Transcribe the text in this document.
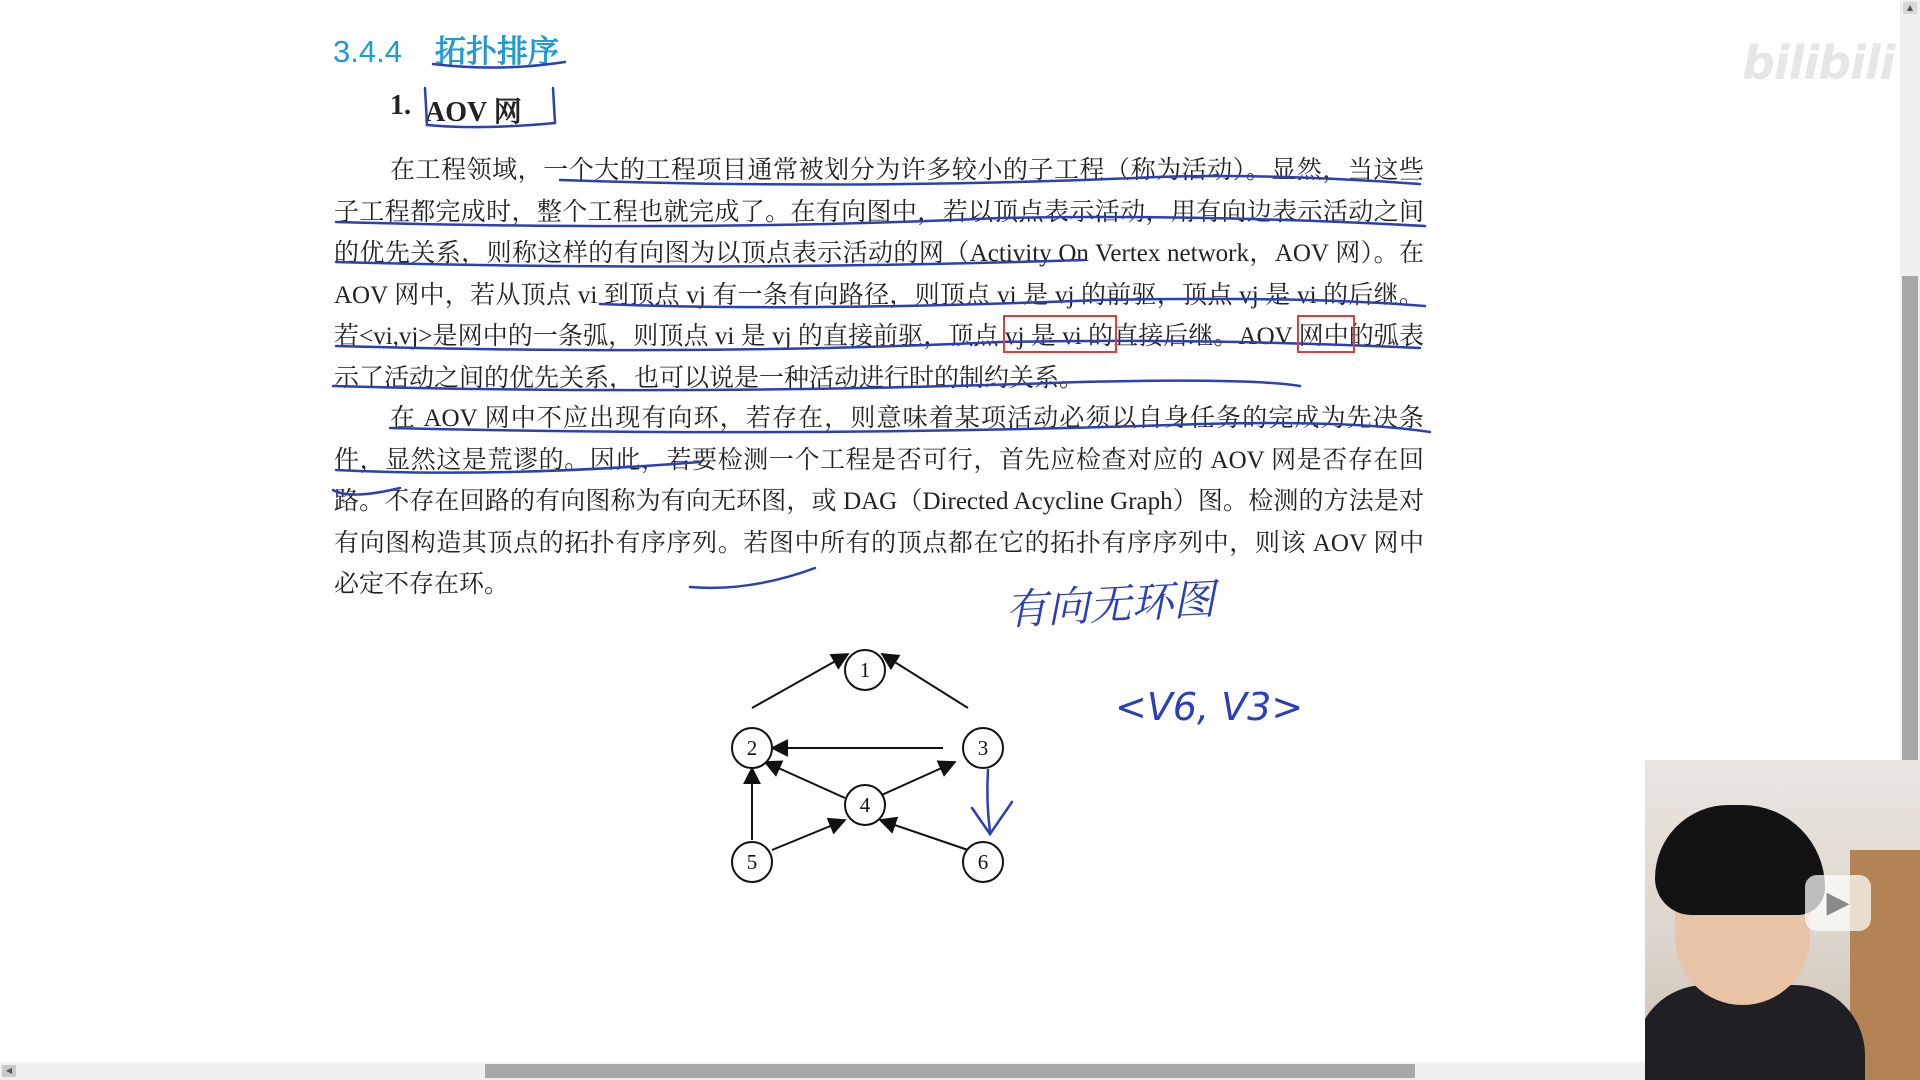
3.4.4 拓扑排序
1. AOV 网

在工程领域，一个大的工程项目通常被划分为许多较小的子工程（称为活动）。显然，当这些子工程都完成时，整个工程也就完成了。在有向图中，若以顶点表示活动，用有向边表示活动之间的优先关系，则称这样的有向图为以顶点表示活动的网（Activity On Vertex network，AOV 网）。在 AOV 网中，若从顶点 vi 到顶点 vj 有一条有向路径，则顶点 vi 是 vj 的前驱，顶点 vj 是 vi 的后继。若<vi,vj>是网中的一条弧，则顶点 vi 是 vj 的直接前驱，顶点 vj 是 vi 的直接后继。AOV 网中的弧表示了活动之间的优先关系，也可以说是一种活动进行时的制约关系。

在 AOV 网中不应出现有向环，若存在，则意味着某项活动必须以自身任务的完成为先决条件，显然这是荒谬的。因此，若要检测一个工程是否可行，首先应检查对应的 AOV 网是否存在回路。不存在回路的有向图称为有向无环图，或 DAG（Directed Acycline Graph）图。检测的方法是对有向图构造其顶点的拓扑有序序列。若图中所有的顶点都在它的拓扑有序序列中，则该 AOV 网中必定不存在环。	有向无环图
<V6, V3>
1
2	3
4
5	6
bilibili
▲
◀
▶
